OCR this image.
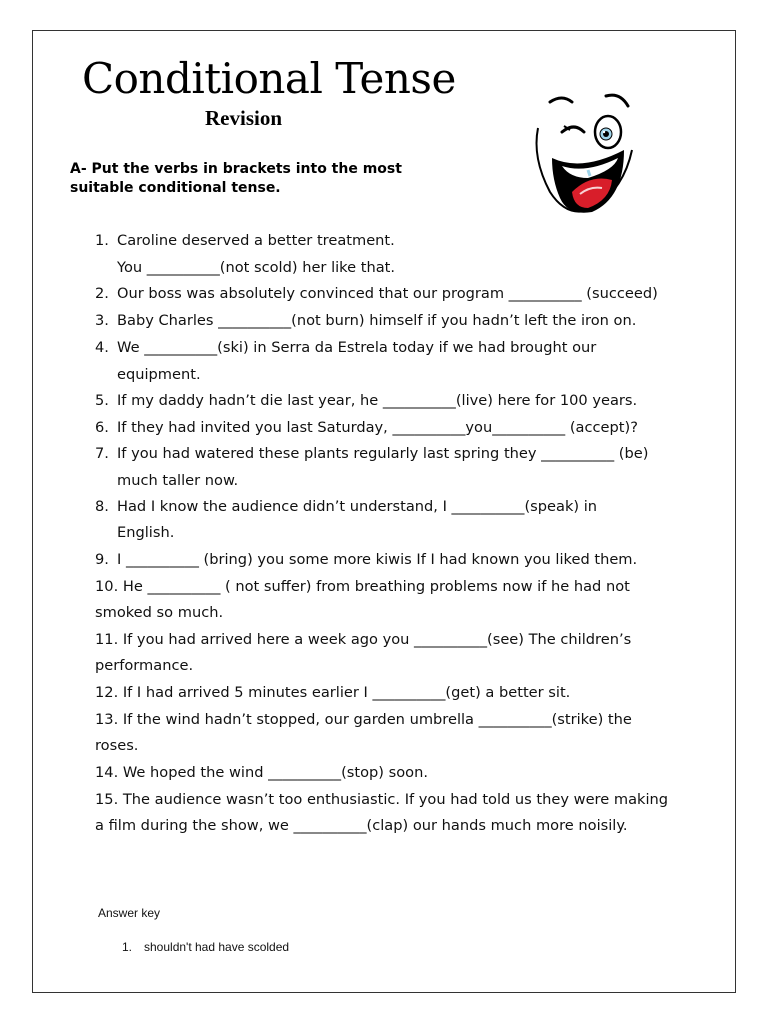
Conditional Tense
Revision

A- Put the verbs in brackets into the most suitable conditional tense.

1. Caroline deserved a better treatment.

You __________(not scold) her like that.

2. Our boss was absolutely convinced that our program __________ (succeed)

3. Baby Charles __________(not burn) himself if you hadn’t left the iron on.

4. We __________(ski) in Serra da Estrela today if we had brought our

equipment.

5. If my daddy hadn’t die last year, he __________(live) here for 100 years.

6. If they had invited you last Saturday, __________you__________ (accept)?

7. If you had watered these plants regularly last spring they __________ (be)

much taller now.

8. Had I know the audience didn’t understand, I __________(speak) in

English.

9. I __________ (bring) you some more kiwis If I had known you liked them.

10. He __________ ( not suffer) from breathing problems now if he had not

smoked so much.

11. If you had arrived here a week ago you __________(see) The children’s

performance.

12. If I had arrived 5 minutes earlier I __________(get) a better sit.

13. If the wind hadn’t stopped, our garden umbrella __________(strike) the

roses.

14. We hoped the wind __________(stop) soon.

15. The audience wasn’t too enthusiastic. If you had told us they were making

a film during the show, we __________(clap) our hands much more noisily.

Answer key

1. shouldn't had have scolded
